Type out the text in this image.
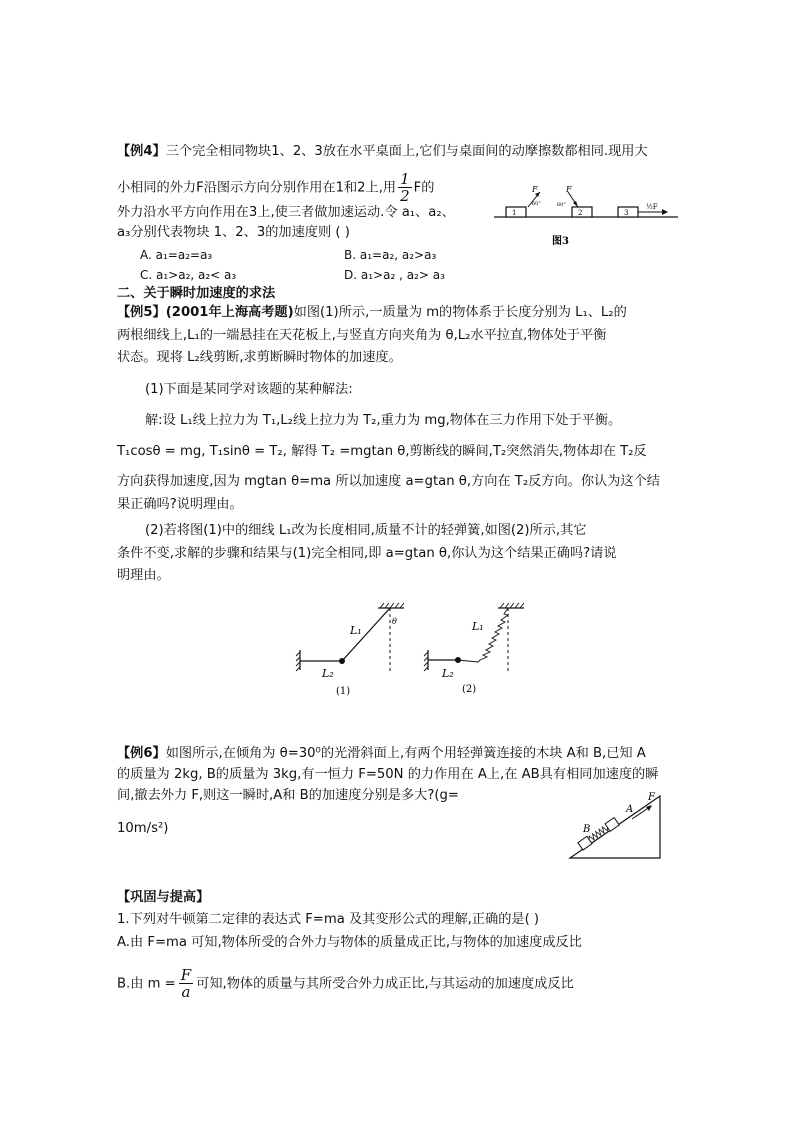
【例4】三个完全相同物块1、2、3放在水平桌面上,它们与桌面间的动摩擦数都相同.现用大
小相同的外力F沿图示方向分别作用在1和2上,用 $\frac{1}{2}$ F的
外力沿水平方向作用在3上,使三者做加速运动.令 a₁、a₂、
a₃分别代表物块 1、2、3的加速度则 ( )
A. a₁=a₂=a₃	B. a₁=a₂, a₂>a₃
C. a₁>a₂, a₂< a₃	D. a₁>a₂ , a₂> a₃
1	2	3
F
60°
F
60°	½F
图3
二、关于瞬时加速度的求法
【例5】(2001年上海高考题)如图(1)所示,一质量为 m的物体系于长度分别为 L₁、L₂的
两根细线上,L₁的一端悬挂在天花板上,与竖直方向夹角为 θ,L₂水平拉直,物体处于平衡
状态。现将 L₂线剪断,求剪断瞬时物体的加速度。
(1)下面是某同学对该题的某种解法:
解:设 L₁线上拉力为 T₁,L₂线上拉力为 T₂,重力为 mg,物体在三力作用下处于平衡。
T₁cosθ = mg, T₁sinθ = T₂, 解得 T₂ =mgtan θ,剪断线的瞬间,T₂突然消失,物体却在 T₂反
方向获得加速度,因为 mgtan θ=ma 所以加速度 a=gtan θ,方向在 T₂反方向。你认为这个结
果正确吗?说明理由。
(2)若将图(1)中的细线 L₁改为长度相同,质量不计的轻弹簧,如图(2)所示,其它
条件不变,求解的步骤和结果与(1)完全相同,即 a=gtan θ,你认为这个结果正确吗?请说
明理由。
L₁
L₂
θ
(1)
L₁
L₂
(2)
【例6】如图所示,在倾角为 θ=30⁰的光滑斜面上,有两个用轻弹簧连接的木块 A和 B,已知 A
的质量为 2kg, B的质量为 3kg,有一恒力 F=50N 的力作用在 A上,在 AB具有相同加速度的瞬
间,撤去外力 F,则这一瞬时,A和 B的加速度分别是多大?(g=
10m/s²)
A
B
F
【巩固与提高】
1.下列对牛顿第二定律的表达式 F=ma 及其变形公式的理解,正确的是( )
A.由 F=ma 可知,物体所受的合外力与物体的质量成正比,与物体的加速度成反比
B.由 $m = \frac{F}{a}$ 可知,物体的质量与其所受合外力成正比,与其运动的加速度成反比
